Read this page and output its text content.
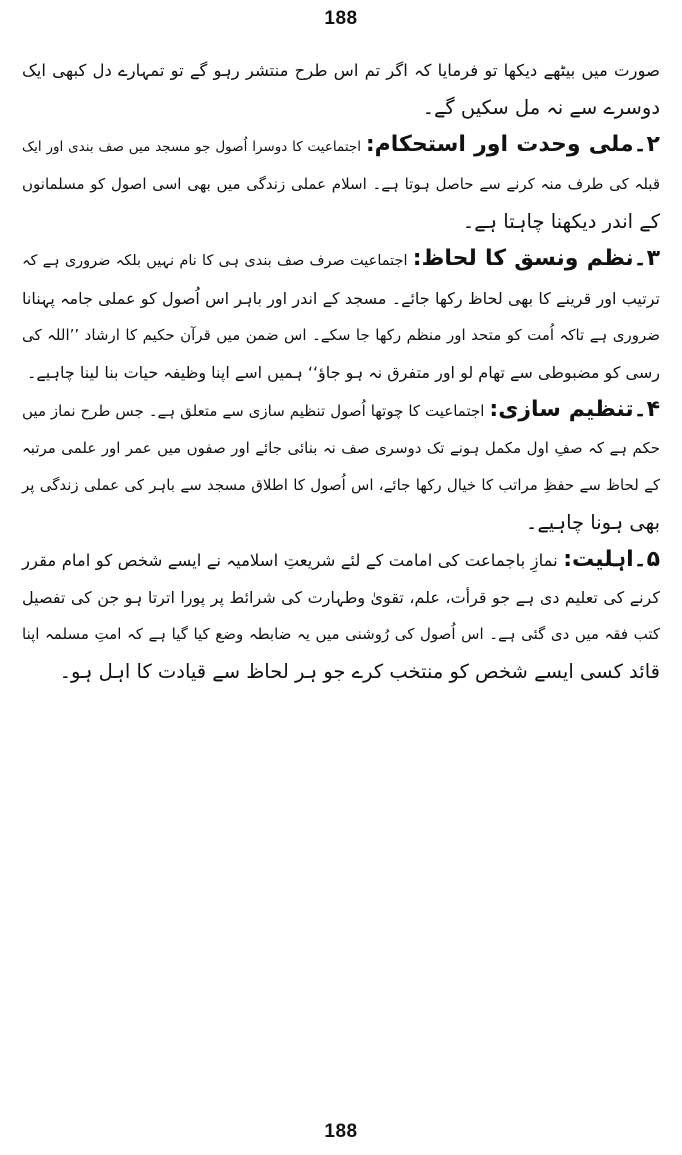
188

صورت میں بیٹھے دیکھا تو فرمایا کہ اگر تم اس طرح منتشر رہو گے تو تمہارے دل کبھی ایک
دوسرے سے نہ مل سکیں گے۔

۲۔ملی وحدت اور استحکام: اجتماعیت کا دوسرا اُصول جو مسجد میں صف بندی اور ایک
قبلہ کی طرف منہ کرنے سے حاصل ہوتا ہے۔ اسلام عملی زندگی میں بھی اسی اصول کو مسلمانوں
کے اندر دیکھنا چاہتا ہے۔

۳۔نظم ونسق کا لحاظ: اجتماعیت صرف صف بندی ہی کا نام نہیں بلکہ ضروری ہے کہ
ترتیب اور قرینے کا بھی لحاظ رکھا جائے۔ مسجد کے اندر اور باہر اس اُصول کو عملی جامہ پہنانا
ضروری ہے تاکہ اُمت کو متحد اور منظم رکھا جا سکے۔ اس ضمن میں قرآن حکیم کا ارشاد ’’اللہ کی
رسی کو مضبوطی سے تھام لو اور متفرق نہ ہو جاؤ‘‘ ہمیں اسے اپنا وظیفہ حیات بنا لینا چاہیے۔

۴۔تنظیم سازی: اجتماعیت کا چوتھا اُصول تنظیم سازی سے متعلق ہے۔ جس طرح نماز میں
حکم ہے کہ صفِ اول مکمل ہونے تک دوسری صف نہ بنائی جائے اور صفوں میں عمر اور علمی مرتبہ
کے لحاظ سے حفظِ مراتب کا خیال رکھا جائے، اس اُصول کا اطلاق مسجد سے باہر کی عملی زندگی پر
بھی ہونا چاہیے۔

۵۔اہلیت: نمازِ باجماعت کی امامت کے لئے شریعتِ اسلامیہ نے ایسے شخص کو امام مقرر
کرنے کی تعلیم دی ہے جو قرأت، علم، تقویٰ وطہارت کی شرائط پر پورا اترتا ہو جن کی تفصیل
کتب فقہ میں دی گئی ہے۔ اس اُصول کی رُوشنی میں یہ ضابطہ وضع کیا گیا ہے کہ امتِ مسلمہ اپنا
قائد کسی ایسے شخص کو منتخب کرے جو ہر لحاظ سے قیادت کا اہل ہو۔

188
